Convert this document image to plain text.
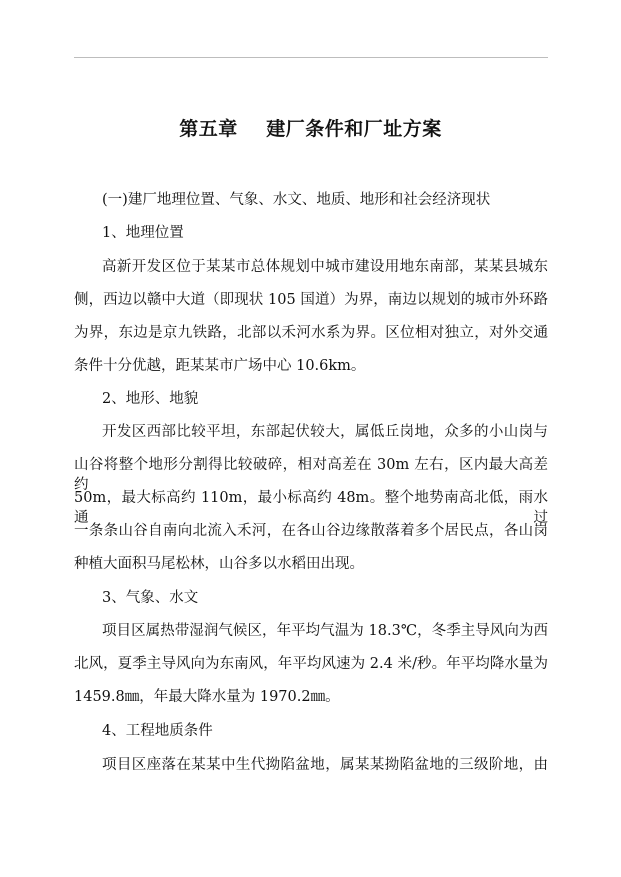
第五章    建厂条件和厂址方案
(一)建厂地理位置、气象、水文、地质、地形和社会经济现状
1、地理位置
高新开发区位于某某市总体规划中城市建设用地东南部，某某县城东
侧，西边以赣中大道（即现状 105 国道）为界，南边以规划的城市外环路
为界，东边是京九铁路，北部以禾河水系为界。区位相对独立，对外交通
条件十分优越，距某某市广场中心 10.6km。
2、地形、地貌
开发区西部比较平坦，东部起伏较大，属低丘岗地，众多的小山岗与
山谷将整个地形分割得比较破碎，相对高差在 30m 左右，区内最大高差约
50m，最大标高约 110m，最小标高约 48m。整个地势南高北低，雨水通过
一条条山谷自南向北流入禾河，在各山谷边缘散落着多个居民点，各山岗
种植大面积马尾松林，山谷多以水稻田出现。
3、气象、水文
项目区属热带湿润气候区，年平均气温为 18.3℃，冬季主导风向为西
北风，夏季主导风向为东南风，年平均风速为 2.4 米/秒。年平均降水量为
1459.8㎜，年最大降水量为 1970.2㎜。
4、工程地质条件
项目区座落在某某中生代拗陷盆地，属某某拗陷盆地的三级阶地，由
